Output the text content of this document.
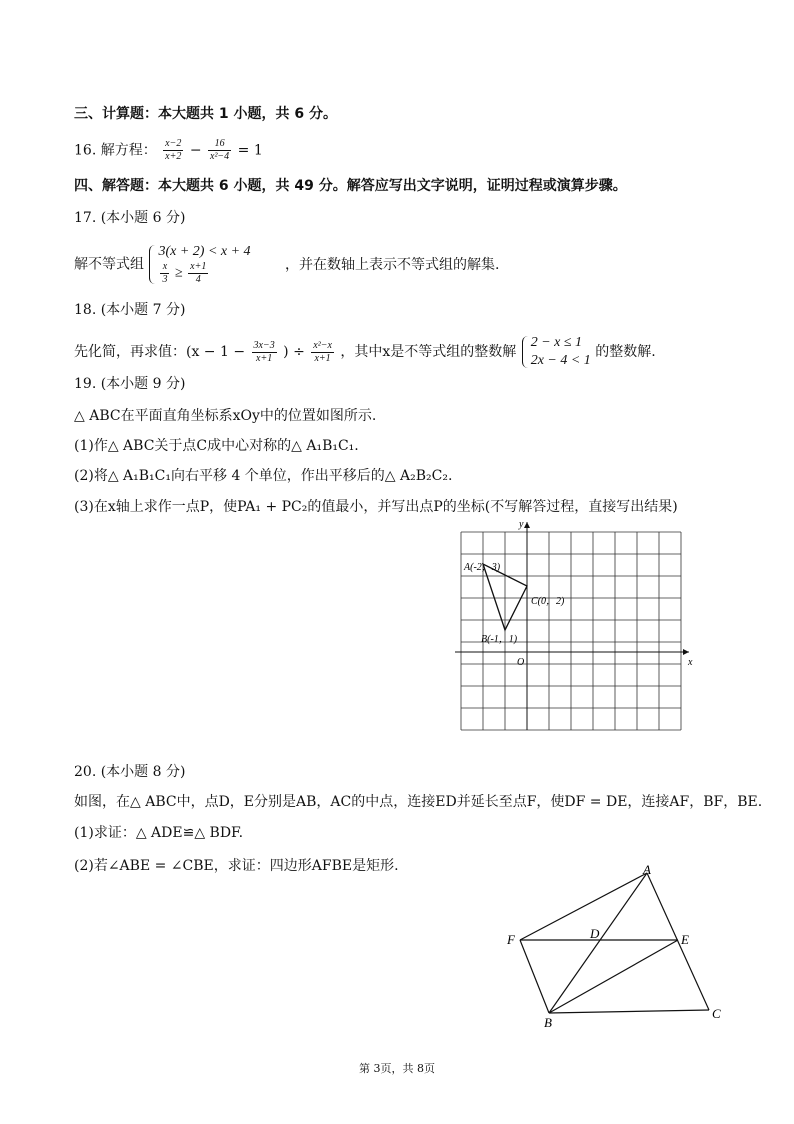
三、计算题：本大题共 1 小题，共 6 分。
16. 解方程： $\frac{x-2}{x+2} - \frac{16}{\text{x²−4}} = 1$
四、解答题：本大题共 6 小题，共 49 分。解答应写出文字说明，证明过程或演算步骤。
17. (本小题 6 分)
解不等式组
3(x + 2) < x + 4
$\frac{x}{3} \ge \frac{x+1}{4}$	，并在数轴上表示不等式组的解集.
18. (本小题 7 分)
先化简，再求值：($x - 1 - \frac{3x-3}{x+1}$ ) ÷ $\frac{\text{x²−x}}{x+1}$ ，其中x是不等式组的整数解
2 − x ≤ 1
2x − 4 < 1
的整数解.
19. (本小题 9 分)
△ ABC在平面直角坐标系xOy中的位置如图所示.
(1)作△ ABC关于点C成中心对称的△ A₁B₁C₁.
(2)将△ A₁B₁C₁向右平移 4 个单位，作出平移后的△ A₂B₂C₂.
(3)在x轴上求作一点P，使PA₁ + PC₂的值最小，并写出点P的坐标(不写解答过程，直接写出结果)
A(-2，3)
C(0，2)
B(-1，1)
O	x
y
20. (本小题 8 分)
如图，在△ ABC中，点D，E分别是AB，AC的中点，连接ED并延长至点F，使DF = DE，连接AF，BF，BE.
(1)求证：△ ADE≌△ BDF.
(2)若∠ABE = ∠CBE，求证：四边形AFBE是矩形.	A
B
C
D	E
F
第 3页，共 8页
